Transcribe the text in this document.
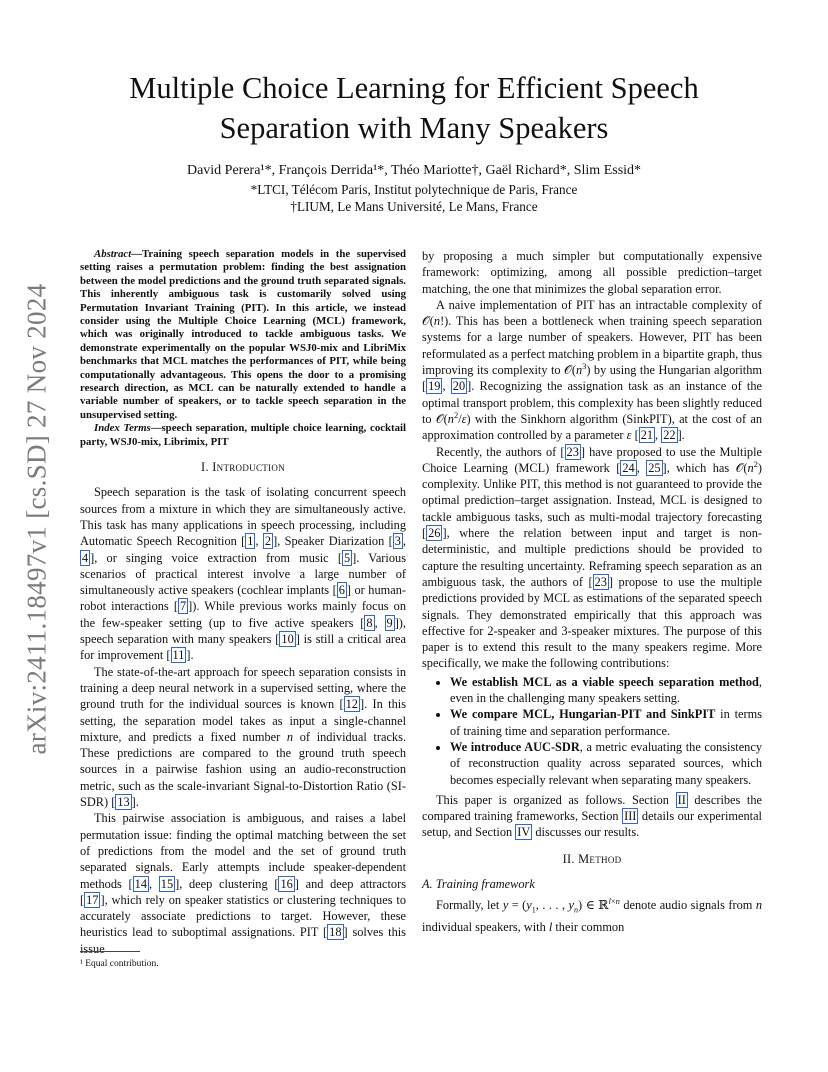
arXiv:2411.18497v1 [cs.SD] 27 Nov 2024
Multiple Choice Learning for Efficient Speech
Separation with Many Speakers
David Perera¹*, François Derrida¹*, Théo Mariotte†, Gaël Richard*, Slim Essid*
*LTCI, Télécom Paris, Institut polytechnique de Paris, France
†LIUM, Le Mans Université, Le Mans, France

Abstract—Training speech separation models in the supervised setting raises a permutation problem: finding the best assignation between the model predictions and the ground truth separated signals. This inherently ambiguous task is customarily solved using Permutation Invariant Training (PIT). In this article, we instead consider using the Multiple Choice Learning (MCL) framework, which was originally introduced to tackle ambiguous tasks. We demonstrate experimentally on the popular WSJ0-mix and LibriMix benchmarks that MCL matches the performances of PIT, while being computationally advantageous. This opens the door to a promising research direction, as MCL can be naturally extended to handle a variable number of speakers, or to tackle speech separation in the unsupervised setting.

Index Terms—speech separation, multiple choice learning, cocktail party, WSJ0-mix, Librimix, PIT

I. Introduction

Speech separation is the task of isolating concurrent speech sources from a mixture in which they are simultaneously active. This task has many applications in speech processing, including Automatic Speech Recognition [ 1 , 2 ], Speaker Diarization [ 3 , 4 ], or singing voice extraction from music [ 5 ]. Various scenarios of practical interest involve a large number of simultaneously active speakers (cochlear implants [ 6 ] or human-robot interactions [ 7 ]). While previous works mainly focus on the few-speaker setting (up to five active speakers [ 8 , 9 ]), speech separation with many speakers [ 10 ] is still a critical area for improvement [ 11 ].

The state-of-the-art approach for speech separation consists in training a deep neural network in a supervised setting, where the ground truth for the individual sources is known [ 12 ]. In this setting, the separation model takes as input a single-channel mixture, and predicts a fixed number n of individual tracks. These predictions are compared to the ground truth speech sources in a pairwise fashion using an audio-reconstruction metric, such as the scale-invariant Signal-to-Distortion Ratio (SI-SDR) [ 13 ].

This pairwise association is ambiguous, and raises a label permutation issue: finding the optimal matching between the set of predictions from the model and the set of ground truth separated signals. Early attempts include speaker-dependent methods [ 14 , 15 ], deep clustering [ 16 ] and deep attractors [ 17 ], which rely on speaker statistics or clustering techniques to accurately associate predictions to target. However, these heuristics lead to suboptimal assignations. PIT [ 18 ] solves this issue

¹ Equal contribution.

by proposing a much simpler but computationally expensive framework: optimizing, among all possible prediction–target matching, the one that minimizes the global separation error.

A naive implementation of PIT has an intractable complexity of 𝒪(n!). This has been a bottleneck when training speech separation systems for a large number of speakers. However, PIT has been reformulated as a perfect matching problem in a bipartite graph, thus improving its complexity to $𝒪(n^3)$ by using the Hungarian algorithm [ 19 , 20 ]. Recognizing the assignation task as an instance of the optimal transport problem, this complexity has been slightly reduced to $𝒪(n^2/\varepsilon)$ with the Sinkhorn algorithm (SinkPIT), at the cost of an approximation controlled by a parameter ε [ 21 , 22 ].

Recently, the authors of [ 23 ] have proposed to use the Multiple Choice Learning (MCL) framework [ 24 , 25 ], which has $𝒪(n^2)$ complexity. Unlike PIT, this method is not guaranteed to provide the optimal prediction–target assignation. Instead, MCL is designed to tackle ambiguous tasks, such as multi-modal trajectory forecasting [ 26 ], where the relation between input and target is non-deterministic, and multiple predictions should be provided to capture the resulting uncertainty. Reframing speech separation as an ambiguous task, the authors of [ 23 ] propose to use the multiple predictions provided by MCL as estimations of the separated speech signals. They demonstrated empirically that this approach was effective for 2-speaker and 3-speaker mixtures. The purpose of this paper is to extend this result to the many speakers regime. More specifically, we make the following contributions:

• We establish MCL as a viable speech separation method, even in the challenging many speakers setting.
• We compare MCL, Hungarian-PIT and SinkPIT in terms of training time and separation performance.
• We introduce AUC-SDR, a metric evaluating the consistency of reconstruction quality across separated sources, which becomes especially relevant when separating many speakers.

This paper is organized as follows. Section II describes the compared training frameworks, Section III details our experimental setup, and Section IV discusses our results.

II. Method
A. Training framework

Formally, let $y = (y_1$, . . . , $y_n$) ∈ ℝ$^{l\times n}$ denote audio signals from n individual speakers, with l their common
